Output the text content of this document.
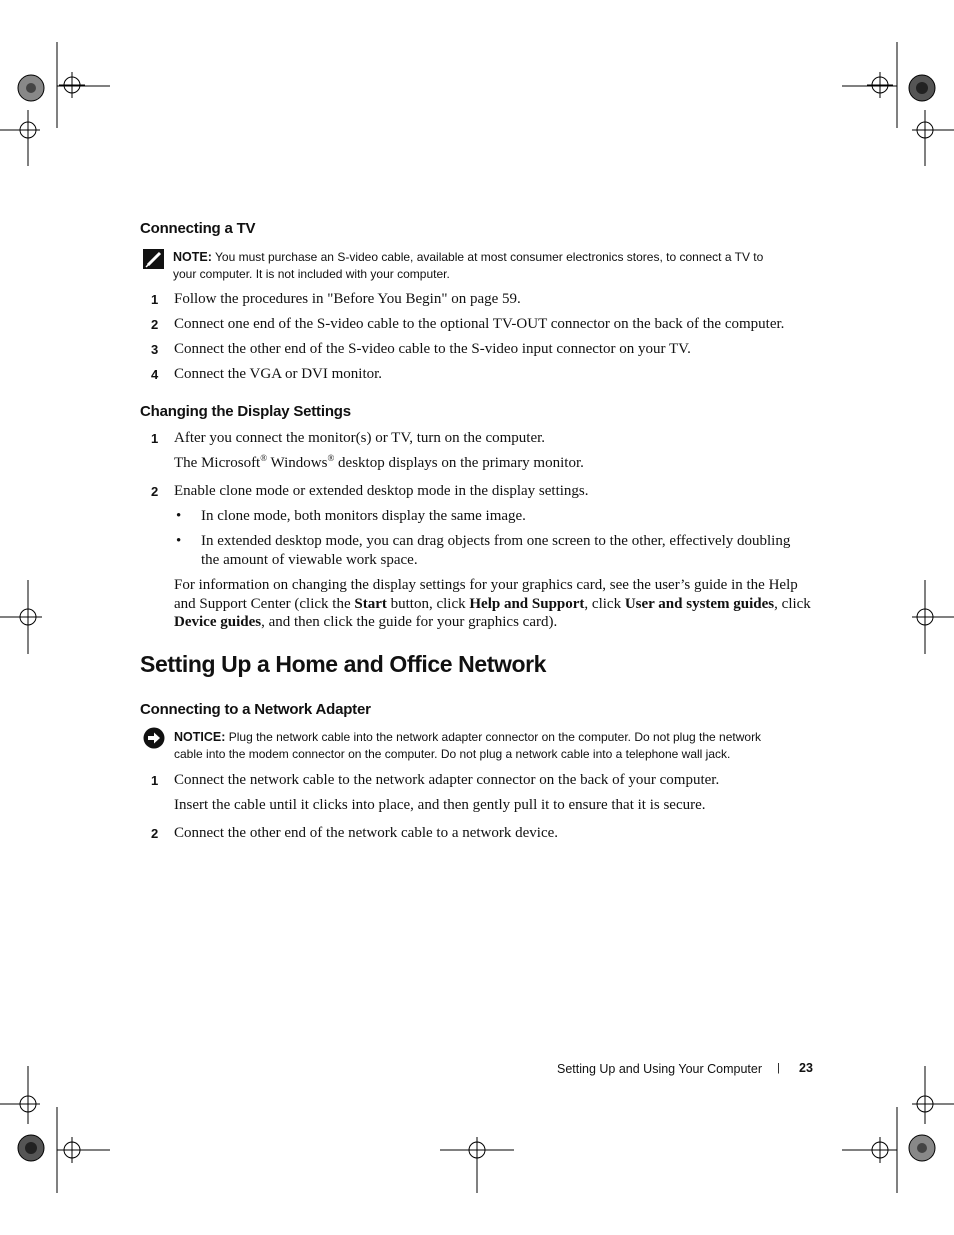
Connecting a TV
NOTE: You must purchase an S-video cable, available at most consumer electronics stores, to connect a TV to
your computer. It is not included with your computer.
1 Follow the procedures in "Before You Begin" on page 59.
2 Connect one end of the S-video cable to the optional TV-OUT connector on the back of the computer.
3 Connect the other end of the S-video cable to the S-video input connector on your TV.
4 Connect the VGA or DVI monitor.
Changing the Display Settings
1 After you connect the monitor(s) or TV, turn on the computer.
The Microsoft® Windows® desktop displays on the primary monitor.
2 Enable clone mode or extended desktop mode in the display settings.
• In clone mode, both monitors display the same image.
• In extended desktop mode, you can drag objects from one screen to the other, effectively doubling
the amount of viewable work space.
For information on changing the display settings for your graphics card, see the user’s guide in the Help
and Support Center (click the Start button, click Help and Support, click User and system guides, click
Device guides, and then click the guide for your graphics card).
Setting Up a Home and Office Network
Connecting to a Network Adapter
NOTICE: Plug the network cable into the network adapter connector on the computer. Do not plug the network
cable into the modem connector on the computer. Do not plug a network cable into a telephone wall jack.
1 Connect the network cable to the network adapter connector on the back of your computer.
Insert the cable until it clicks into place, and then gently pull it to ensure that it is secure.
2 Connect the other end of the network cable to a network device.
Setting Up and Using Your Computer | 23
